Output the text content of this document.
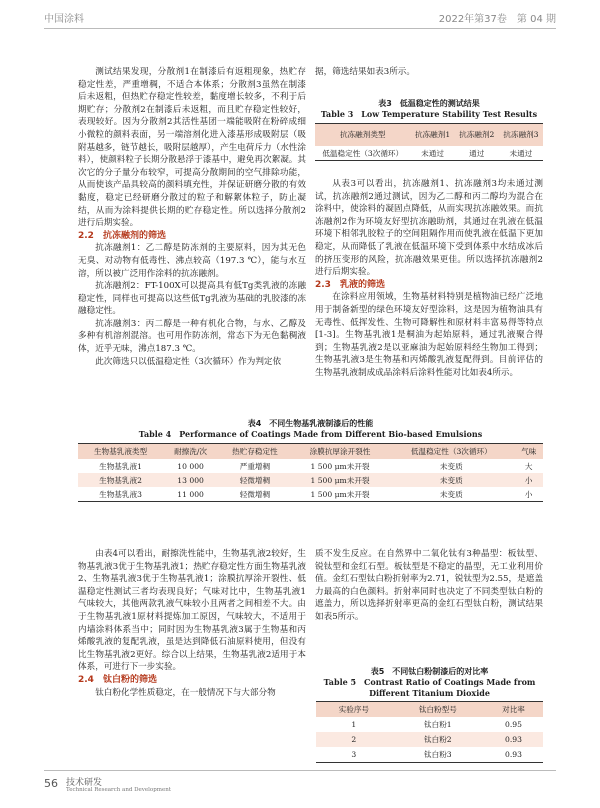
中国涂料	2022年第37卷　第 04 期

测试结果发现，分散剂1在制漆后有返粗现象，热贮存稳定性差，严重增稠，不适合本体系；分散剂3虽然在制漆后未返粗，但热贮存稳定性较差，黏度增长较多，不利于后期贮存；分散剂2在制漆后未返粗，而且贮存稳定性较好，表现较好。因为分散剂2其活性基团一端能吸附在粉碎成细小微粒的颜料表面，另一端溶剂化进入漆基形成吸附层（吸附基越多，链节越长，吸附层越厚），产生电荷斥力（水性涂料），使颜料粒子长期分散悬浮于漆基中，避免再次絮凝。其次它的分子量分布较窄，可提高分散期间的空气排除功能，从而使该产品具较高的颜料填充性，并保证研磨分散的有效黏度，稳定已经研磨分散过的粒子和解絮体粒子，防止凝结，从而为涂料提供长期的贮存稳定性。所以选择分散剂2进行后期实验。

2.2　抗冻融剂的筛选

抗冻融剂1：乙二醇是防冻剂的主要原料，因为其无色无臭、对动物有低毒性、沸点较高（197.3 ℃），能与水互溶，所以被广泛用作涂料的抗冻融剂。

抗冻融剂2：FT-100X可以提高具有低Tg类乳液的冻融稳定性，同样也可提高以这些低Tg乳液为基础的乳胶漆的冻融稳定性。

抗冻融剂3：丙二醇是一种有机化合物，与水、乙醇及多种有机溶剂混溶。也可用作防冻剂，常态下为无色黏稠液体，近乎无味，沸点187.3 ℃。

此次筛选只以低温稳定性（3次循环）作为判定依

据，筛选结果如表3所示。

表3　低温稳定性的测试结果
Table 3　Low Temperature Stability Test Results
抗冻融剂类型	抗冻融剂1	抗冻融剂2	抗冻融剂3
低温稳定性（3次循环）	未通过	通过	未通过

从表3可以看出，抗冻融剂1、抗冻融剂3均未通过测试，抗冻融剂2通过测试，因为乙二醇和丙二醇均为混合在涂料中，使涂料的凝固点降低，从而实现抗冻融效果。而抗冻融剂2作为环境友好型抗冻融助剂，其通过在乳液在低温环境下相邻乳胶粒子的空间阻隔作用而使乳液在低温下更加稳定，从而降低了乳液在低温环境下受到体系中水结成冰后的挤压变形的风险，抗冻融效果更佳。所以选择抗冻融剂2进行后期实验。

2.3　乳液的筛选

在涂料应用领域，生物基材料特别是植物油已经广泛地用于制备新型的绿色环境友好型涂料，这是因为植物油具有无毒性、低挥发性、生物可降解性和原材料丰富易得等特点[1-3]。生物基乳液1是桐油为起始原料，通过乳液聚合得到；生物基乳液2是以亚麻油为起始原料经生物加工得到；生物基乳液3是生物基和丙烯酸乳液复配得到。目前评估的生物基乳液制成成品涂料后涂料性能对比如表4所示。

表4　不同生物基乳液制漆后的性能
Table 4　Performance of Coatings Made from Different Bio-based Emulsions
生物基乳液类型	耐擦洗/次	热贮存稳定性	涂膜抗厚涂开裂性	低温稳定性（3次循环）	气味
生物基乳液1	10 000	严重增稠	1 500 μm未开裂	未变质	大
生物基乳液2	13 000	轻微增稠	1 500 μm未开裂	未变质	小
生物基乳液3	11 000	轻微增稠	1 500 μm未开裂	未变质	小

由表4可以看出，耐擦洗性能中，生物基乳液2较好，生物基乳液3优于生物基乳液1；热贮存稳定性方面生物基乳液2、生物基乳液3优于生物基乳液1；涂膜抗厚涂开裂性、低温稳定性测试三者均表现良好；气味对比中，生物基乳液1气味较大，其他两款乳液气味较小且两者之间相差不大。由于生物基乳液1原材料提炼加工原因，气味较大，不适用于内墙涂料体系当中；同时因为生物基乳液3属于生物基和丙烯酸乳液的复配乳液，虽是达到降低石油原料使用，但没有比生物基乳液2更好。综合以上结果，生物基乳液2适用于本体系，可进行下一步实验。

2.4　钛白粉的筛选

钛白粉化学性质稳定，在一般情况下与大部分物

质不发生反应。在自然界中二氧化钛有3种晶型：板钛型、锐钛型和金红石型。板钛型是不稳定的晶型，无工业利用价值。金红石型钛白粉折射率为2.71，锐钛型为2.55，是遮盖力最高的白色颜料。折射率同时也决定了不同类型钛白粉的遮盖力，所以选择折射率更高的金红石型钛白粉，测试结果如表5所示。

表5　不同钛白粉制漆后的对比率
Table 5　Contrast Ratio of Coatings Made from Different Titanium Dioxide
实验序号	钛白粉型号	对比率
1	钛白粉1	0.95
2	钛白粉2	0.93
3	钛白粉3	0.93
56 技术研发
Technical Research and Development
